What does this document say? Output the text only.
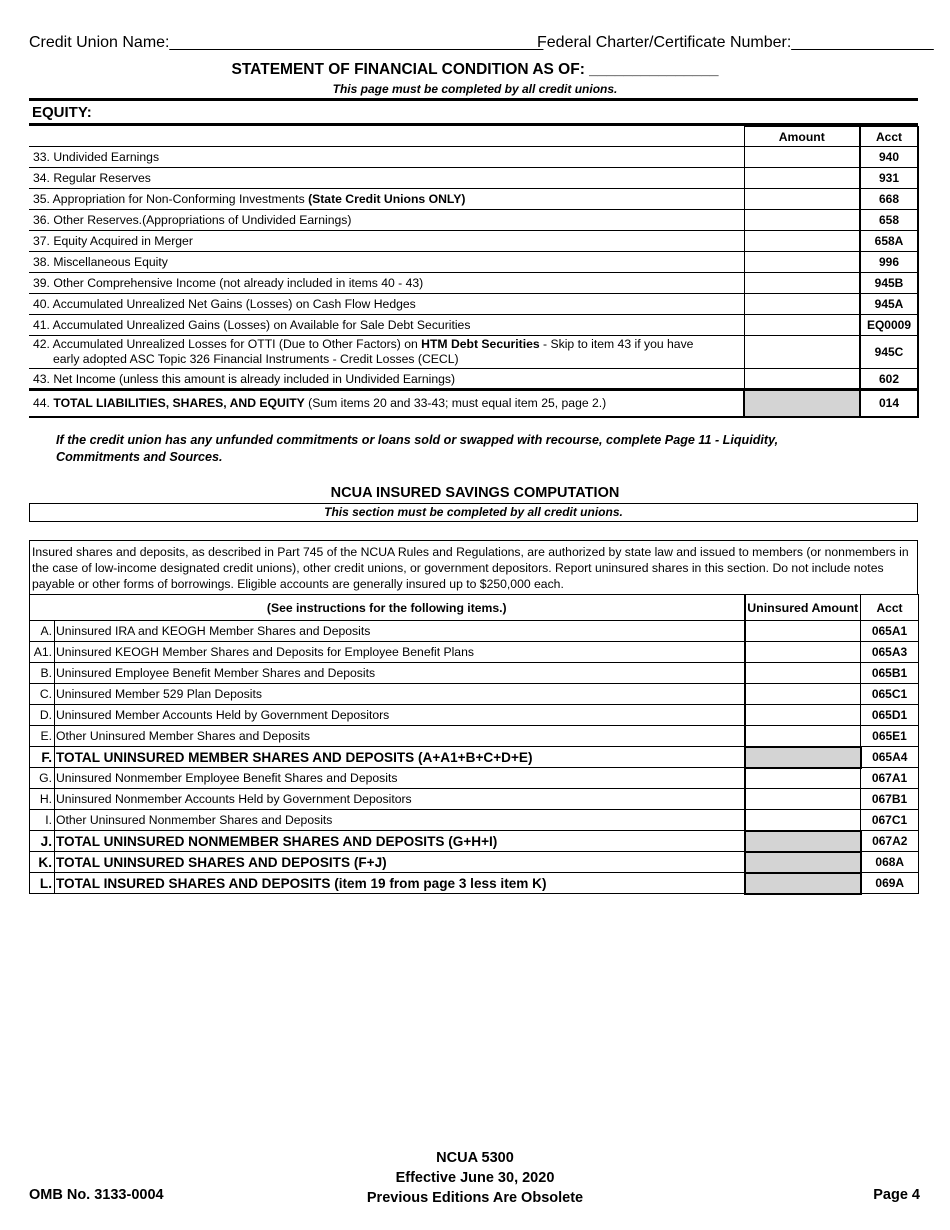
Credit Union Name:__________________________________________
Federal Charter/Certificate Number:________________
STATEMENT OF FINANCIAL CONDITION AS OF: _______________
This page must be completed by all credit unions.
EQUITY:
	Amount	Acct
33. Undivided Earnings		940
34. Regular Reserves		931
35. Appropriation for Non-Conforming Investments (State Credit Unions ONLY)		668
36. Other Reserves.(Appropriations of Undivided Earnings)		658
37. Equity Acquired in Merger		658A
38. Miscellaneous Equity		996
39. Other Comprehensive Income (not already included in items 40 - 43)		945B
40. Accumulated Unrealized Net Gains (Losses) on Cash Flow Hedges		945A
41. Accumulated Unrealized Gains (Losses) on Available for Sale Debt Securities		EQ0009
42. Accumulated Unrealized Losses for OTTI (Due to Other Factors) on HTM Debt Securities - Skip to item 43 if you have
early adopted ASC Topic 326 Financial Instruments - Credit Losses (CECL)		945C
43. Net Income (unless this amount is already included in Undivided Earnings)		602
44. TOTAL LIABILITIES, SHARES, AND EQUITY (Sum items 20 and 33-43; must equal item 25, page 2.)		014
If the credit union has any unfunded commitments or loans sold or swapped with recourse, complete Page 11 - Liquidity, Commitments and Sources.
NCUA INSURED SAVINGS COMPUTATION
This section must be completed by all credit unions.
Insured shares and deposits, as described in Part 745 of the NCUA Rules and Regulations, are authorized by state law and issued to members (or nonmembers in the case of low-income designated credit unions), other credit unions, or government depositors. Report uninsured shares in this section. Do not include notes payable or other forms of borrowings. Eligible accounts are generally insured up to $250,000 each.
(See instructions for the following items.)		Uninsured Amount	Acct
A.	Uninsured IRA and KEOGH Member Shares and Deposits		065A1
A1.	Uninsured KEOGH Member Shares and Deposits for Employee Benefit Plans		065A3
B.	Uninsured Employee Benefit Member Shares and Deposits		065B1
C.	Uninsured Member 529 Plan Deposits		065C1
D.	Uninsured Member Accounts Held by Government Depositors		065D1
E.	Other Uninsured Member Shares and Deposits		065E1
F.	TOTAL UNINSURED MEMBER SHARES AND DEPOSITS (A+A1+B+C+D+E)		065A4
G.	Uninsured Nonmember Employee Benefit Shares and Deposits		067A1
H.	Uninsured Nonmember Accounts Held by Government Depositors		067B1
I.	Other Uninsured Nonmember Shares and Deposits		067C1
J.	TOTAL UNINSURED NONMEMBER SHARES AND DEPOSITS (G+H+I)		067A2
K.	TOTAL UNINSURED SHARES AND DEPOSITS (F+J)		068A
L.	TOTAL INSURED SHARES AND DEPOSITS (item 19 from page 3 less item K)		069A
NCUA 5300
Effective June 30, 2020
Previous Editions Are Obsolete
OMB No. 3133-0004	Page 4
